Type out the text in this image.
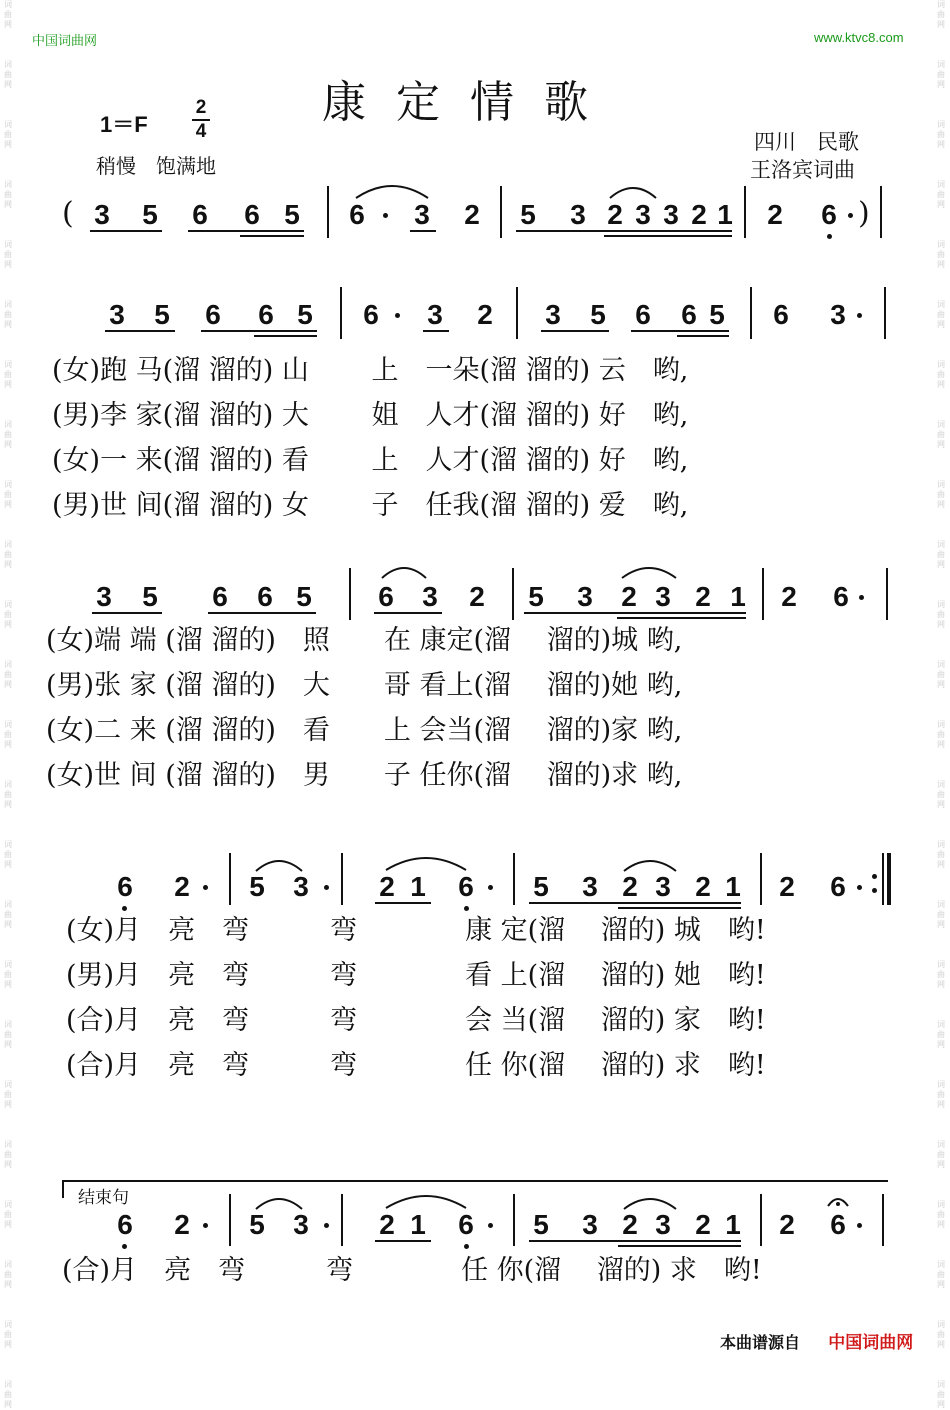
中国词曲网	www.ktvc8.com
词曲网
词曲网
词曲网
词曲网
词曲网
词曲网
词曲网
词曲网
词曲网
词曲网
词曲网
词曲网
词曲网
词曲网
词曲网
词曲网
词曲网
词曲网
词曲网
词曲网
词曲网
词曲网
词曲网
词曲网
词曲网
词曲网
词曲网
词曲网
词曲网
词曲网
词曲网
词曲网
词曲网
词曲网
词曲网
词曲网
词曲网
词曲网
词曲网
词曲网
词曲网
词曲网
词曲网
词曲网
词曲网
词曲网
词曲网
词曲网
康定情歌
1＝F
2
4
稍慢　饱满地
四川　民歌
王洛宾词曲
( 3 5 6 6 5 6 3 2 5 3 2 3 3 2 1 2 6 )
3 5 6 6 5 6 3 2 3 5 6 6 5 6 3
(女)跑 马(溜 溜的) 山　　 上　一朵(溜 溜的) 云　哟,
(男)李 家(溜 溜的) 大　　 姐　人才(溜 溜的) 好　哟,
(女)一 来(溜 溜的) 看　　 上　人才(溜 溜的) 好　哟,
(男)世 间(溜 溜的) 女　　 子　任我(溜 溜的) 爱　哟,
3 5 6 6 5 6 3 2 5 3 2 3 2 1 2 6
(女)端 端 (溜 溜的)　照　　在 康定(溜　 溜的)城 哟,
(男)张 家 (溜 溜的)　大　　哥 看上(溜　 溜的)她 哟,
(女)二 来 (溜 溜的)　看　　上 会当(溜　 溜的)家 哟,
(女)世 间 (溜 溜的)　男　　子 任你(溜　 溜的)求 哟,
6 2 5 3	2 1 6 5 3 2 3 2 1 2 6
(女)月　亮　弯　　　弯　　　　康 定(溜　 溜的) 城　哟!
(男)月　亮　弯　　　弯　　　　看 上(溜　 溜的) 她　哟!
(合)月　亮　弯　　　弯　　　　会 当(溜　 溜的) 家　哟!
(合)月　亮　弯　　　弯　　　　任 你(溜　 溜的) 求　哟!
结束句
6 2 5 3	2 1 6 5 3 2 3 2 1 2 6
(合)月　亮　弯　　　弯　　　　任 你(溜　 溜的) 求　哟!
本曲谱源自 中国词曲网
